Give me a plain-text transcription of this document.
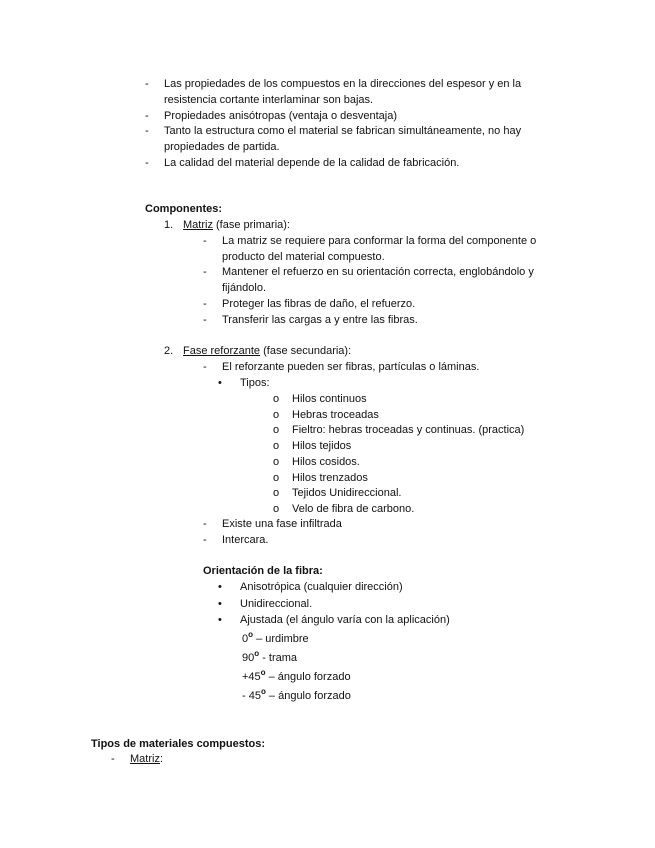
- Las propiedades de los compuestos en la direcciones del espesor y en la
resistencia cortante interlaminar son bajas.
- Propiedades anisótropas (ventaja o desventaja)
- Tanto la estructura como el material se fabrican simultáneamente, no hay
propiedades de partida.
- La calidad del material depende de la calidad de fabricación.
Componentes:
1. Matriz (fase primaria):
- La matriz se requiere para conformar la forma del componente o
producto del material compuesto.
- Mantener el refuerzo en su orientación correcta, englobándolo y
fijándolo.
- Proteger las fibras de daño, el refuerzo.
- Transferir las cargas a y entre las fibras.
2. Fase reforzante (fase secundaria):
- El reforzante pueden ser fibras, partículas o láminas.
• Tipos:
o Hilos continuos
o Hebras troceadas
o Fieltro: hebras troceadas y continuas. (practica)
o Hilos tejidos
o Hilos cosidos.
o Hilos trenzados
o Tejidos Unidireccional.
o Velo de fibra de carbono.
- Existe una fase infiltrada
- Intercara.
Orientación de la fibra:
• Anisotrópica (cualquier dirección)
• Unidireccional.
• Ajustada (el ángulo varía con la aplicación)
0$^o$ – urdimbre
90$^o$ - trama
$+45^o$ – ángulo forzado
- 45$^o$ – ángulo forzado
Tipos de materiales compuestos:
- Matriz:
